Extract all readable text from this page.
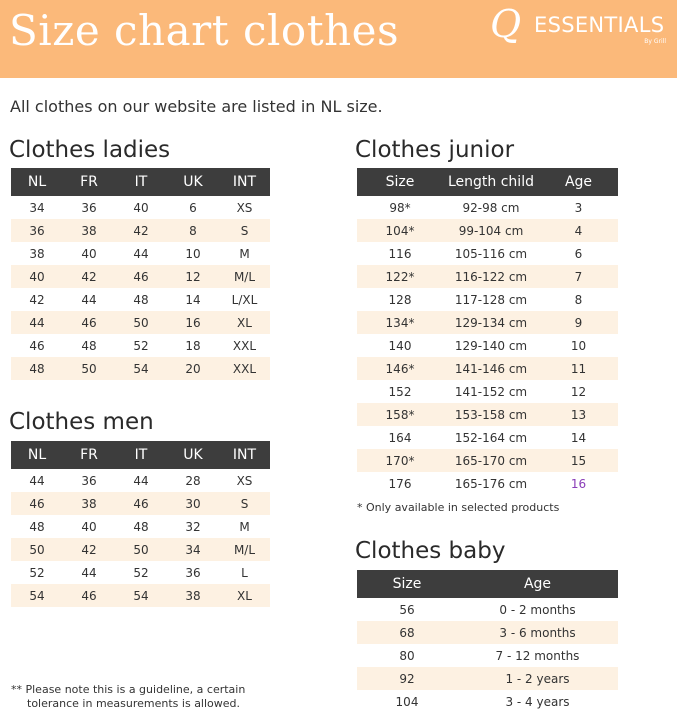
Size chart clothes Q ESSENTIALS
By Grill
All clothes on our website are listed in NL size.
Clothes ladies
NL	FR	IT	UK	INT
34	36	40	6	XS
36	38	42	8	S
38	40	44	10	M
40	42	46	12	M/L
42	44	48	14	L/XL
44	46	50	16	XL
46	48	52	18	XXL
48	50	54	20	XXL
Clothes men
NL	FR	IT	UK	INT
44	36	44	28	XS
46	38	46	30	S
48	40	48	32	M
50	42	50	34	M/L
52	44	52	36	L
54	46	54	38	XL
Clothes junior
Size	Length child	Age
98*	92-98 cm	3
104*	99-104 cm	4
116	105-116 cm	6
122*	116-122 cm	7
128	117-128 cm	8
134*	129-134 cm	9
140	129-140 cm	10
146*	141-146 cm	11
152	141-152 cm	12
158*	153-158 cm	13
164	152-164 cm	14
170*	165-170 cm	15
176	165-176 cm	16
* Only available in selected products
Clothes baby
Size	Age
56	0 - 2 months
68	3 - 6 months
80	7 - 12 months
92	1 - 2 years
104	3 - 4 years
** Please note this is a guideline, a certain
tolerance in measurements is allowed.
